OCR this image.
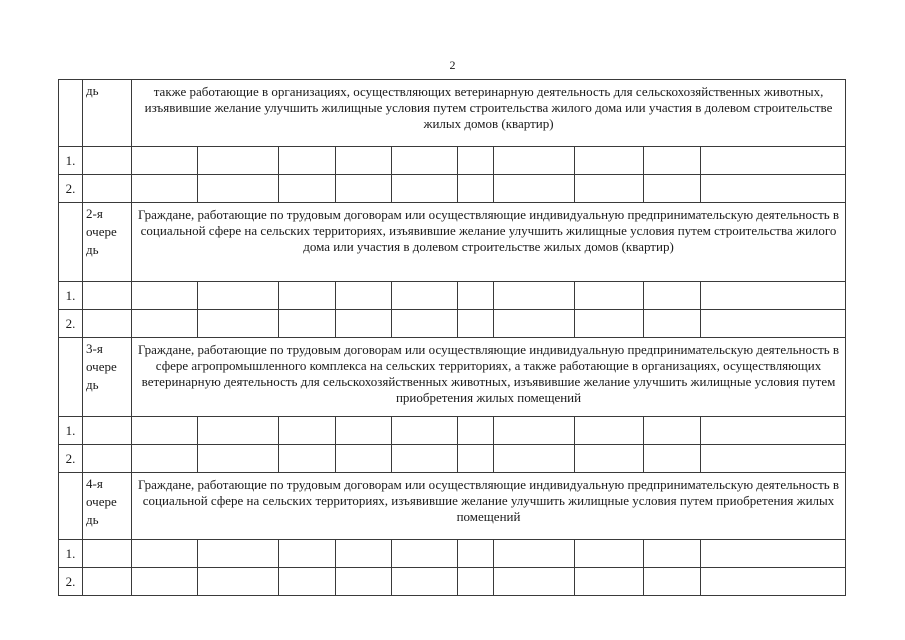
2
	дь	также работающие в организациях, осуществляющих ветеринарную деятельность для сельскохозяйственных животных, изъявившие желание улучшить жилищные условия путем строительства жилого дома или участия в долевом строительстве жилых домов (квартир)									
1.											
2.											
	2-я очере дь	Граждане, работающие по трудовым договорам или осуществляющие индивидуальную предпринимательскую деятельность в социальной сфере на сельских территориях, изъявившие желание улучшить жилищные условия путем строительства жилого дома или участия в долевом строительстве жилых домов (квартир)									
1.											
2.											
	3-я очере дь	Граждане, работающие по трудовым договорам или осуществляющие индивидуальную предпринимательскую деятельность в сфере агропромышленного комплекса на сельских территориях, а также работающие в организациях, осуществляющих ветеринарную деятельность для сельскохозяйственных животных, изъявившие желание улучшить жилищные условия путем приобретения жилых помещений									
1.											
2.											
	4-я очере дь	Граждане, работающие по трудовым договорам или осуществляющие индивидуальную предпринимательскую деятельность в социальной сфере на сельских территориях, изъявившие желание улучшить жилищные условия путем приобретения жилых помещений									
1.											
2.											
